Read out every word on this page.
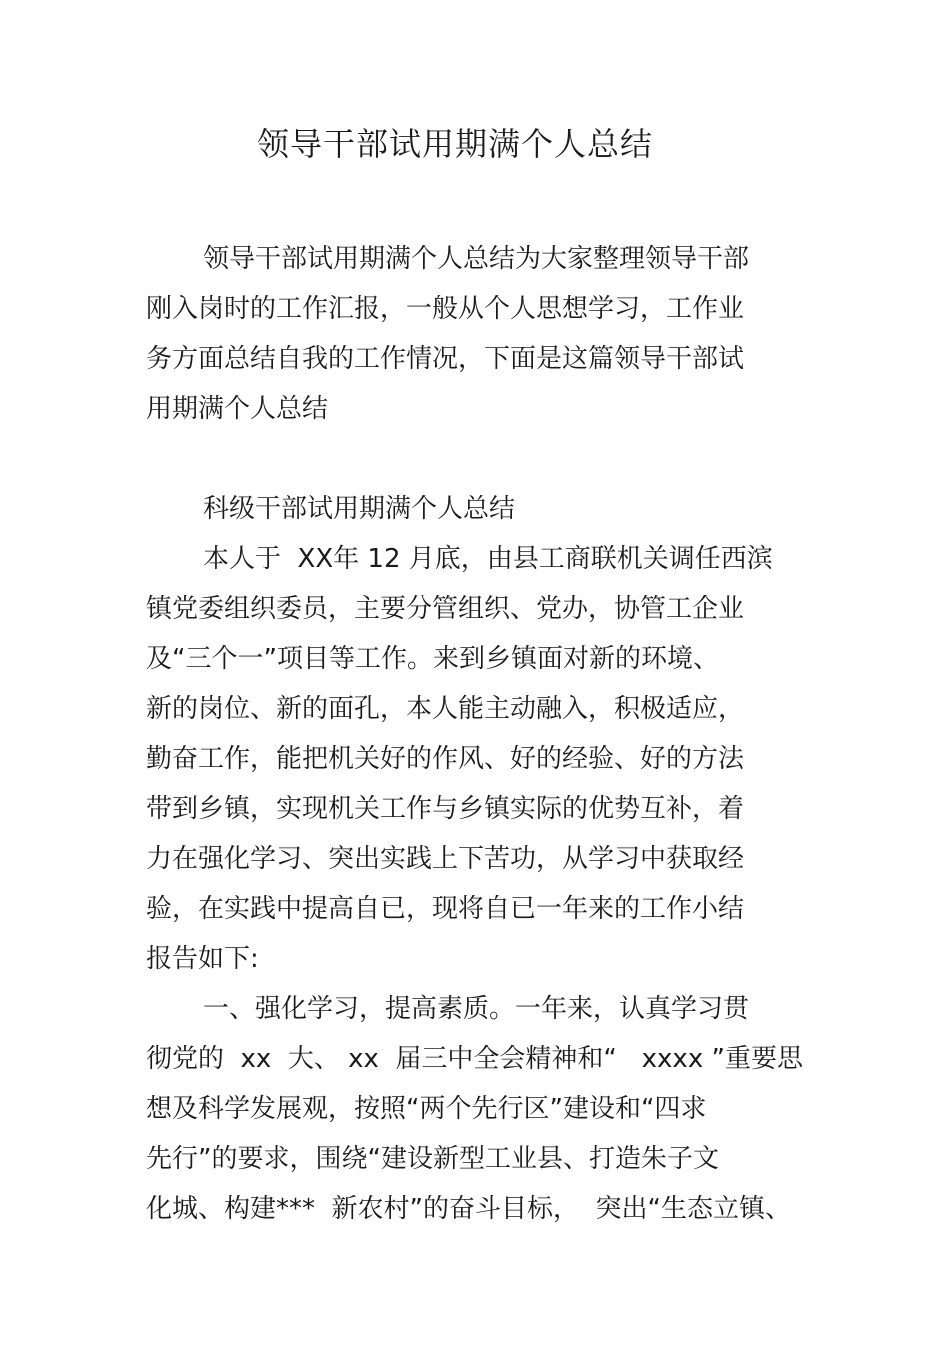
领导干部试用期满个人总结
领导干部试用期满个人总结为大家整理领导干部
刚入岗时的工作汇报，一般从个人思想学习，工作业
务方面总结自我的工作情况，下面是这篇领导干部试
用期满个人总结
科级干部试用期满个人总结
本人于  XX年 12 月底，由县工商联机关调任西滨
镇党委组织委员，主要分管组织、党办，协管工企业
及“三个一”项目等工作。来到乡镇面对新的环境、
新的岗位、新的面孔，本人能主动融入，积极适应，
勤奋工作，能把机关好的作风、好的经验、好的方法
带到乡镇，实现机关工作与乡镇实际的优势互补，着
力在强化学习、突出实践上下苦功，从学习中获取经
验，在实践中提高自已，现将自已一年来的工作小结
报告如下:
一、强化学习，提高素质。一年来，认真学习贯
彻党的  xx  大、 xx  届三中全会精神和“   xxxx ”重要思
想及科学发展观，按照“两个先行区”建设和“四求
先行”的要求，围绕“建设新型工业县、打造朱子文
化城、构建***  新农村”的奋斗目标，  突出“生态立镇、
